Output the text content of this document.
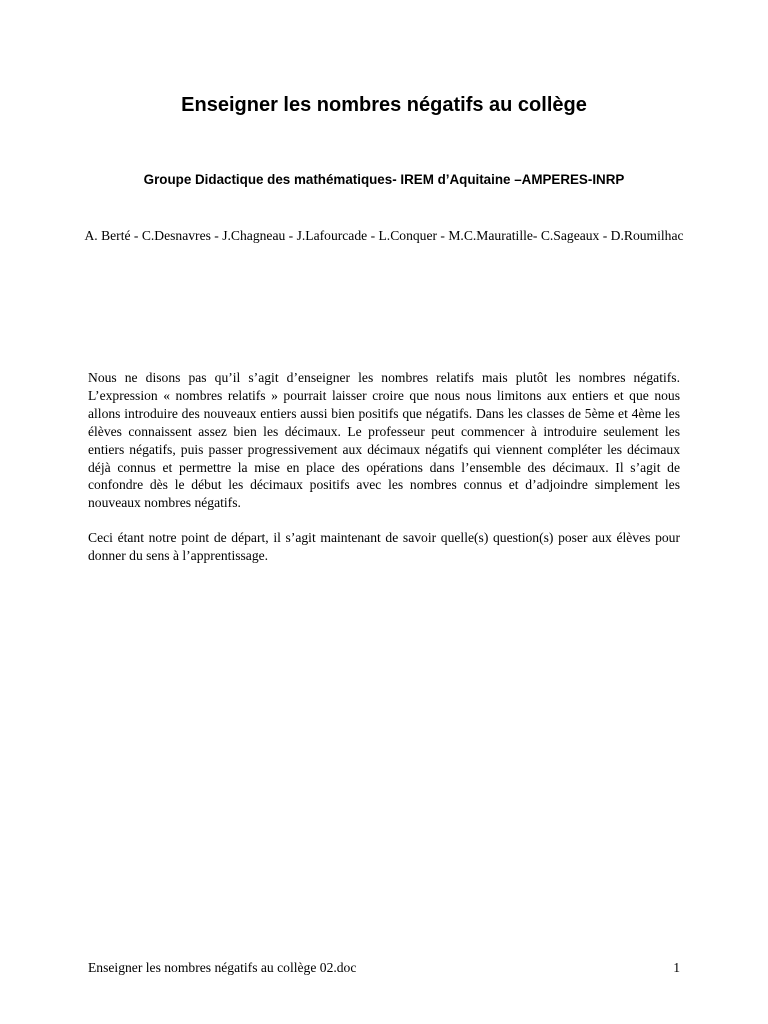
Enseigner les nombres négatifs au collège

Groupe Didactique des mathématiques- IREM d’Aquitaine –AMPERES-INRP

A. Berté - C.Desnavres - J.Chagneau - J.Lafourcade - L.Conquer - M.C.Mauratille- C.Sageaux - D.Roumilhac

Nous ne disons pas qu’il s’agit d’enseigner les nombres relatifs mais plutôt les nombres négatifs. L’expression « nombres relatifs » pourrait laisser croire que nous nous limitons aux entiers et que nous allons introduire des nouveaux entiers aussi bien positifs que négatifs. Dans les classes de 5ème et 4ème les élèves connaissent assez bien les décimaux. Le professeur peut commencer à introduire seulement les entiers négatifs, puis passer progressivement aux décimaux négatifs qui viennent compléter les décimaux déjà connus et permettre la mise en place des opérations dans l’ensemble des décimaux. Il s’agit de confondre dès le début les décimaux positifs avec les nombres connus et d’adjoindre simplement les nouveaux nombres négatifs.

Ceci étant notre point de départ, il s’agit maintenant de savoir quelle(s) question(s) poser aux élèves pour donner du sens à l’apprentissage.

Enseigner les nombres négatifs au collège 02.doc	1
